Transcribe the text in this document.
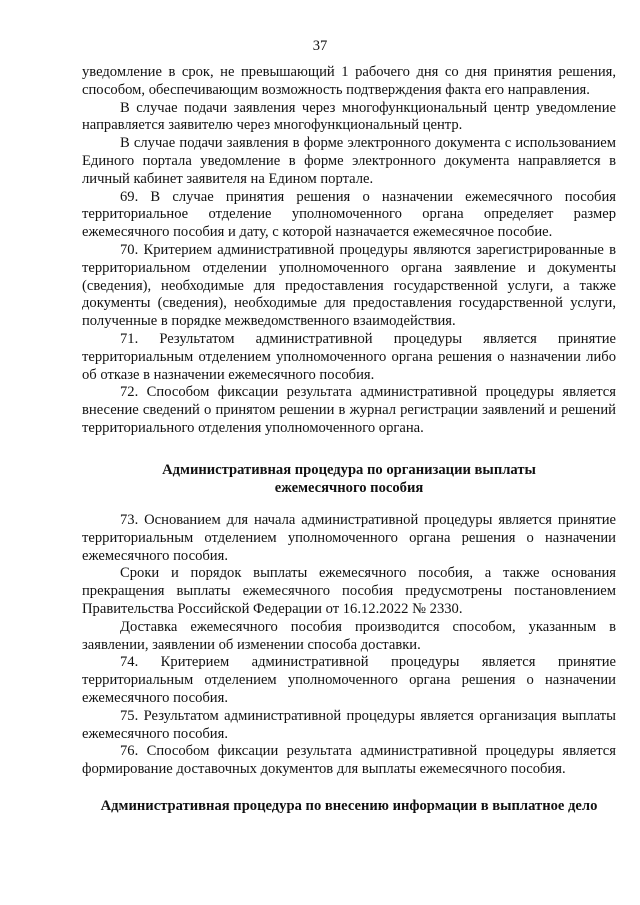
37

уведомление в срок, не превышающий 1 рабочего дня со дня принятия решения, способом, обеспечивающим возможность подтверждения факта его направления.

В случае подачи заявления через многофункциональный центр уведомление направляется заявителю через многофункциональный центр.

В случае подачи заявления в форме электронного документа с использованием Единого портала уведомление в форме электронного документа направляется в личный кабинет заявителя на Едином портале.

69. В случае принятия решения о назначении ежемесячного пособия территориальное отделение уполномоченного органа определяет размер ежемесячного пособия и дату, с которой назначается ежемесячное пособие.

70. Критерием административной процедуры являются зарегистрированные в территориальном отделении уполномоченного органа заявление и документы (сведения), необходимые для предоставления государственной услуги, а также документы (сведения), необходимые для предоставления государственной услуги, полученные в порядке межведомственного взаимодействия.

71. Результатом административной процедуры является принятие территориальным отделением уполномоченного органа решения о назначении либо об отказе в назначении ежемесячного пособия.

72. Способом фиксации результата административной процедуры является внесение сведений о принятом решении в журнал регистрации заявлений и решений территориального отделения уполномоченного органа.

Административная процедура по организации выплаты ежемесячного пособия

73. Основанием для начала административной процедуры является принятие территориальным отделением уполномоченного органа решения о назначении ежемесячного пособия.

Сроки и порядок выплаты ежемесячного пособия, а также основания прекращения выплаты ежемесячного пособия предусмотрены постановлением Правительства Российской Федерации от 16.12.2022 № 2330.

Доставка ежемесячного пособия производится способом, указанным в заявлении, заявлении об изменении способа доставки.

74. Критерием административной процедуры является принятие территориальным отделением уполномоченного органа решения о назначении ежемесячного пособия.

75. Результатом административной процедуры является организация выплаты ежемесячного пособия.

76. Способом фиксации результата административной процедуры является формирование доставочных документов для выплаты ежемесячного пособия.

Административная процедура по внесению информации в выплатное дело
